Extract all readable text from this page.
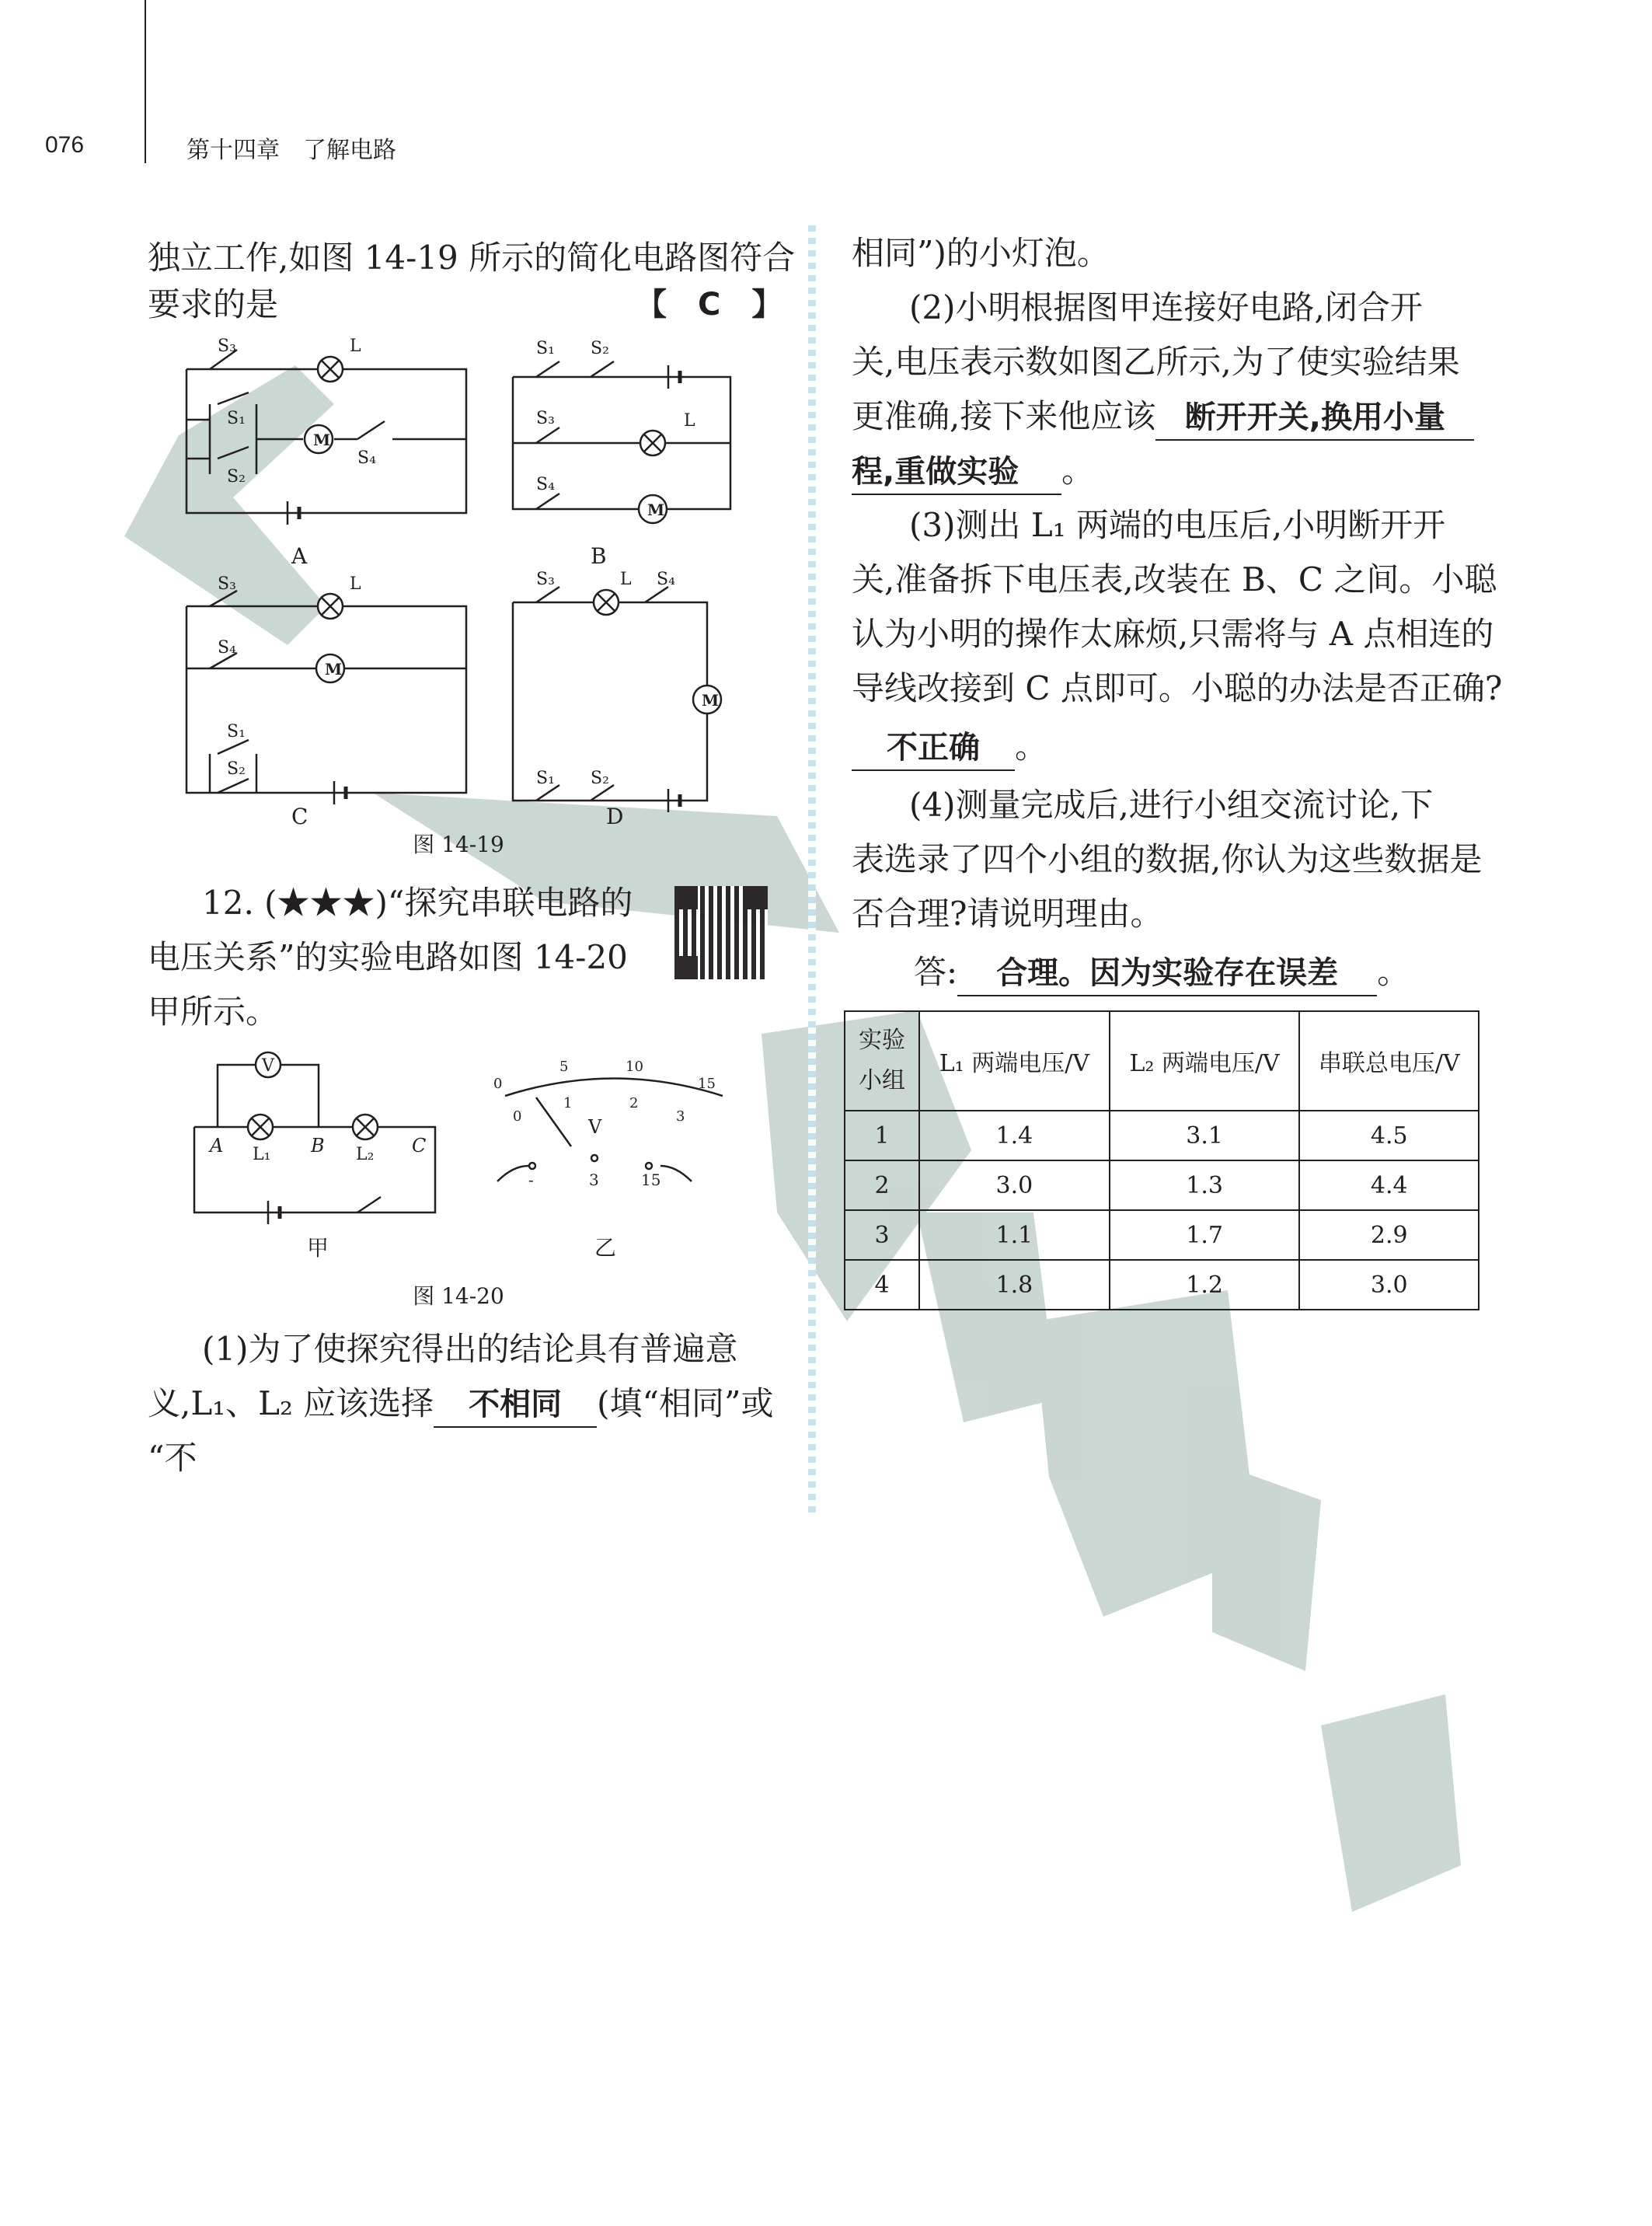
076	第十四章　了解电路
独立工作,如图 14-19 所示的简化电路图符合
要求的是	【　C　】
S₃	L
S₁
S₂
M
S₄
S₁ S₂
S₃	L
S₄
M
S₃	L
S₄
M
S₁
S₂
S₃	L S₄
M
S₁ S₂
A	B
C	D
图 14-19
12. (★★★)“探究串联电路的
电压关系”的实验电路如图 14-20
甲所示。
V
A	B	C
L₁	L₂
0
5	10
15
0
1	2
3
V
-	3	15
甲	乙
图 14-20
(1)为了使探究得出的结论具有普遍意
义,L₁、L₂ 应该选择 不相同 (填“相同”或
“不
相同”)的小灯泡。
(2)小明根据图甲连接好电路,闭合开
关,电压表示数如图乙所示,为了使实验结果
更准确,接下来他应该 断开开关,换用小量
程,重做实验 。
(3)测出 L₁ 两端的电压后,小明断开开
关,准备拆下电压表,改装在 B、C 之间。小聪
认为小明的操作太麻烦,只需将与 A 点相连的
导线改接到 C 点即可。小聪的办法是否正确?
不正确 。
(4)测量完成后,进行小组交流讨论,下
表选录了四个小组的数据,你认为这些数据是
否合理?请说明理由。
答: 合理。因为实验存在误差 。
实验
小组	L₁ 两端电压/V	L₂ 两端电压/V	串联总电压/V
1	1.4	3.1	4.5
2	3.0	1.3	4.4
3	1.1	1.7	2.9
4	1.8	1.2	3.0
